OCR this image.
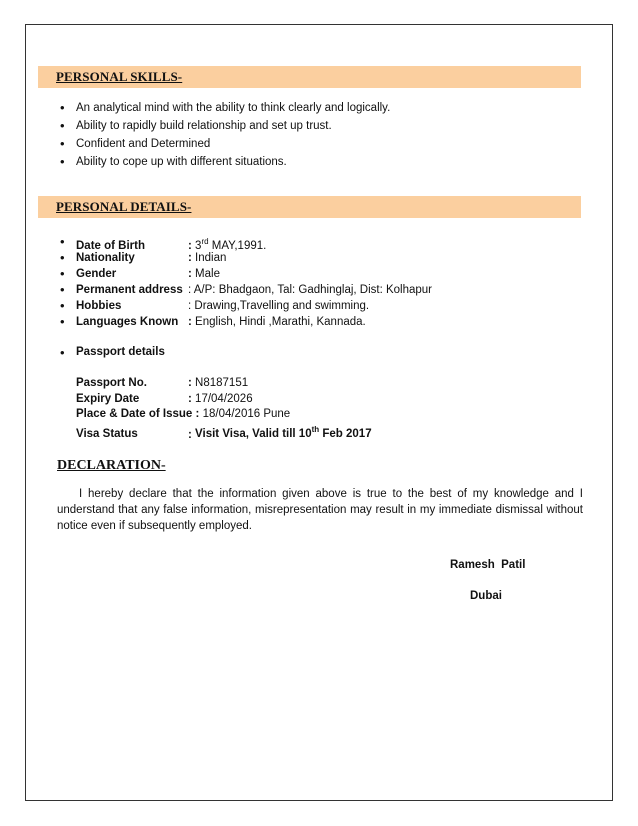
PERSONAL SKILLS-
• An analytical mind with the ability to think clearly and logically.
• Ability to rapidly build relationship and set up trust.
• Confident and Determined
• Ability to cope up with different situations.
PERSONAL DETAILS-
• Date of Birth	: 3rd MAY,1991.
• Nationality	: Indian
• Gender	: Male
• Permanent address : A/P: Bhadgaon, Tal: Gadhinglaj, Dist: Kolhapur
• Hobbies	: Drawing,Travelling and swimming.
• Languages Known : English, Hindi ,Marathi, Kannada.
• Passport details
Passport No.	: N8187151
Expiry Date	: 17/04/2026
Place & Date of Issue : 18/04/2016 Pune
Visa Status	: Visit Visa, Valid till 10th Feb 2017
DECLARATION-

I hereby declare that the information given above is true to the best of my knowledge and I understand that any false information, misrepresentation may result in my immediate dismissal without notice even if subsequently employed.

Ramesh  Patil
Dubai
